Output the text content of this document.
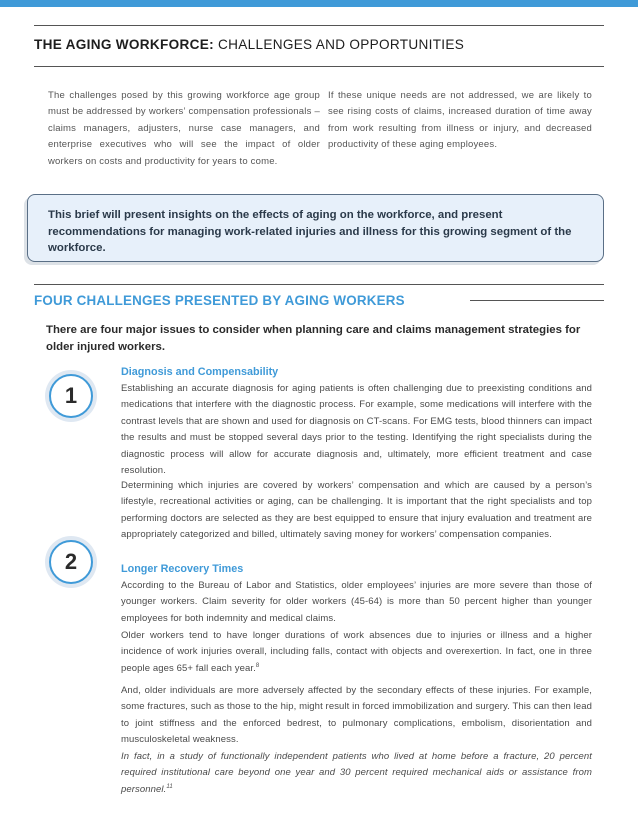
THE AGING WORKFORCE: CHALLENGES AND OPPORTUNITIES
The challenges posed by this growing workforce age group must be addressed by workers’ compensation professionals – claims managers, adjusters, nurse case managers, and enterprise executives who will see the impact of older workers on costs and productivity for years to come.
If these unique needs are not addressed, we are likely to see rising costs of claims, increased duration of time away from work resulting from illness or injury, and decreased productivity of these aging employees.
This brief will present insights on the effects of aging on the workforce, and present recommendations for managing work-related injuries and illness for this growing segment of the workforce.
FOUR CHALLENGES PRESENTED BY AGING WORKERS
There are four major issues to consider when planning care and claims management strategies for older injured workers.
1
Diagnosis and Compensability
Establishing an accurate diagnosis for aging patients is often challenging due to preexisting conditions and medications that interfere with the diagnostic process. For example, some medications will interfere with the contrast levels that are shown and used for diagnosis on CT-scans. For EMG tests, blood thinners can impact the results and must be stopped several days prior to the testing. Identifying the right specialists during the diagnostic process will allow for accurate diagnosis and, ultimately, more efficient treatment and case resolution.
Determining which injuries are covered by workers’ compensation and which are caused by a person’s lifestyle, recreational activities or aging, can be challenging. It is important that the right specialists and top performing doctors are selected as they are best equipped to ensure that injury evaluation and treatment are appropriately categorized and billed, ultimately saving money for workers’ compensation companies.
2	Longer Recovery Times
According to the Bureau of Labor and Statistics, older employees’ injuries are more severe than those of younger workers. Claim severity for older workers (45-64) is more than 50 percent higher than younger employees for both indemnity and medical claims.
Older workers tend to have longer durations of work absences due to injuries or illness and a higher incidence of work injuries overall, including falls, contact with objects and overexertion. In fact, one in three people ages 65+ fall each year.$^8$
And, older individuals are more adversely affected by the secondary effects of these injuries. For example, some fractures, such as those to the hip, might result in forced immobilization and surgery. This can then lead to joint stiffness and the enforced bedrest, to pulmonary complications, embolism, disorientation and musculoskeletal weakness.
In fact, in a study of functionally independent patients who lived at home before a fracture, 20 percent required institutional care beyond one year and 30 percent required mechanical aids or assistance from personnel.$^{11}$
